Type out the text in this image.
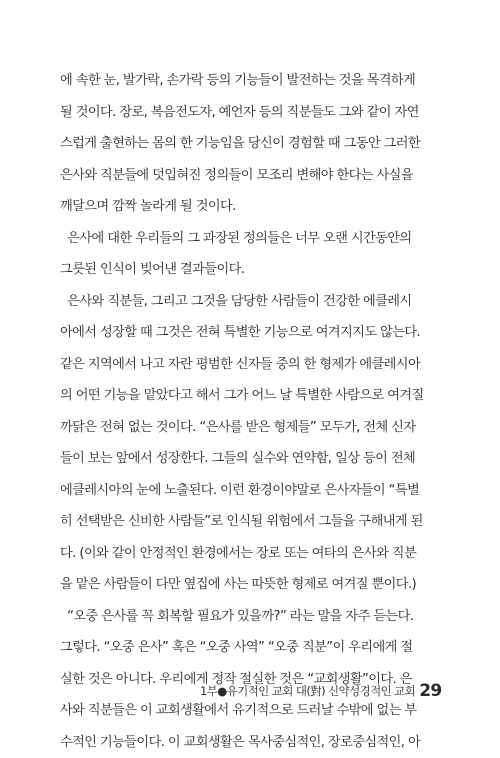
에 속한 눈, 발가락, 손가락 등의 기능들이 발전하는 것을 목격하게
될 것이다. 장로, 복음전도자, 예언자 등의 직분들도 그와 같이 자연
스럽게 출현하는 몸의 한 기능임을 당신이 경험할 때 그동안 그러한
은사와 직분들에 덧입혀진 정의들이 모조리 변해야 한다는 사실을
깨달으며 깜짝 놀라게 될 것이다.
은사에 대한 우리들의 그 과장된 정의들은 너무 오랜 시간동안의
그릇된 인식이 빚어낸 결과들이다.
은사와 직분들, 그리고 그것을 담당한 사람들이 건강한 에클레시
아에서 성장할 때 그것은 전혀 특별한 기능으로 여겨지지도 않는다.
같은 지역에서 나고 자란 평범한 신자들 중의 한 형제가 에클레시아
의 어떤 기능을 맡았다고 해서 그가 어느 날 특별한 사람으로 여겨질
까닭은 전혀 없는 것이다. “은사를 받은 형제들” 모두가, 전체 신자
들이 보는 앞에서 성장한다. 그들의 실수와 연약함, 일상 등이 전체
에클레시아의 눈에 노출된다. 이런 환경이야말로 은사자들이 “특별
히 선택받은 신비한 사람들”로 인식될 위험에서 그들을 구해내게 된
다. (이와 같이 안정적인 환경에서는 장로 또는 여타의 은사와 직분
을 맡은 사람들이 다만 옆집에 사는 따뜻한 형제로 여겨질 뿐이다.)
“오중 은사를 꼭 회복할 필요가 있을까?” 라는 말을 자주 듣는다.
그렇다. “오중 은사” 혹은 “오중 사역” “오중 직분”이 우리에게 절
실한 것은 아니다. 우리에게 정작 절실한 것은 “교회생활”이다. 은
사와 직분들은 이 교회생활에서 유기적으로 드러날 수밖에 없는 부
수적인 기능들이다. 이 교회생활은 목사중심적인, 장로중심적인, 아
1부●유기적인 교회 대(對) 신약성경적인 교회 29
